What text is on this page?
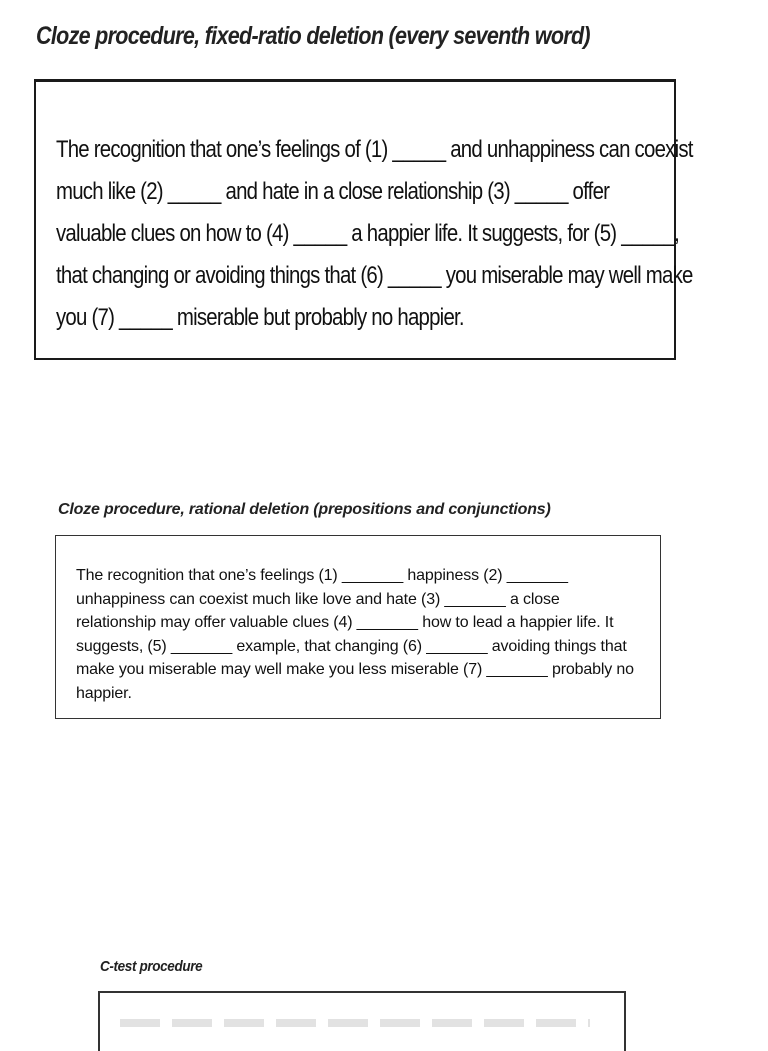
Cloze procedure, fixed-ratio deletion (every seventh word)

The recognition that one’s feelings of (1) _____ and unhappiness can coexist
much like (2) _____ and hate in a close relationship (3) _____ offer
valuable clues on how to (4) _____ a happier life. It suggests, for (5) _____,
that changing or avoiding things that (6) _____ you miserable may well make
you (7) _____ miserable but probably no happier.

Cloze procedure, rational deletion (prepositions and conjunctions)

The recognition that one’s feelings (1) _______ happiness (2) _______
unhappiness can coexist much like love and hate (3) _______ a close
relationship may offer valuable clues (4) _______ how to lead a happier life. It
suggests, (5) _______ example, that changing (6) _______ avoiding things that
make you miserable may well make you less miserable (7) _______ probably no
happier.

C-test procedure
